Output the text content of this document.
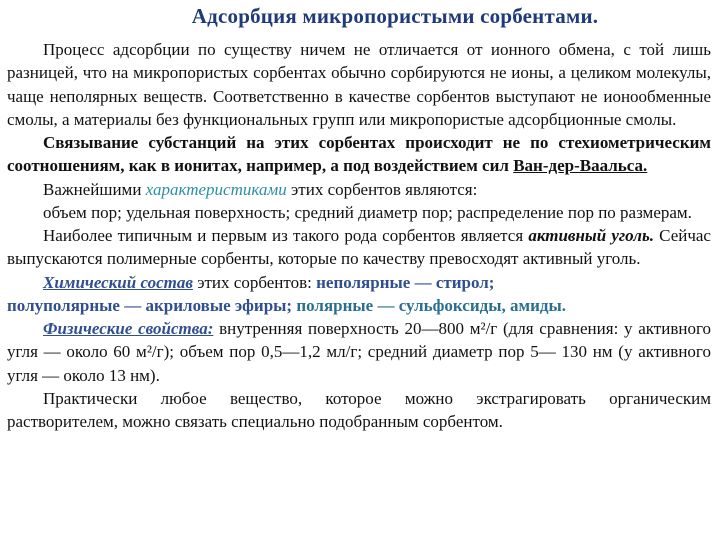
Адсорбция микропористыми сорбентами.

Процесс адсорбции по существу ничем не отличается от ионного обмена, с той лишь разницей, что на микропористых сорбентах обычно сорбируются не ионы, а целиком молекулы, чаще неполярных веществ. Соответственно в качестве сорбентов выступают не ионообменные смолы, а материалы без функциональных групп или микропористые адсорбционные смолы.

Связывание субстанций на этих сорбентах происходит не по стехиометрическим соотношениям, как в ионитах, например, а под воздействием сил Ван-дер-Ваальса.

Важнейшими характеристиками этих сорбентов являются:

объем пор; удельная поверхность; средний диаметр пор; распределение пор по размерам.

Наиболее типичным и первым из такого рода сорбентов является активный уголь. Сейчас выпускаются полимерные сорбенты, которые по качеству превосходят активный уголь.

Химический состав этих сорбентов: неполярные — стирол;
полуполярные — акриловые эфиры; полярные — сульфоксиды, амиды.

Физические свойства: внутренняя поверхность 20—800 м²/г (для сравнения: у активного угля — около 60 м²/г); объем пор 0,5—1,2 мл/г; средний диаметр пор 5— 130 нм (у активного угля — около 13 нм).

Практически любое вещество, которое можно экстрагировать органическим растворителем, можно связать специально подобранным сорбентом.
